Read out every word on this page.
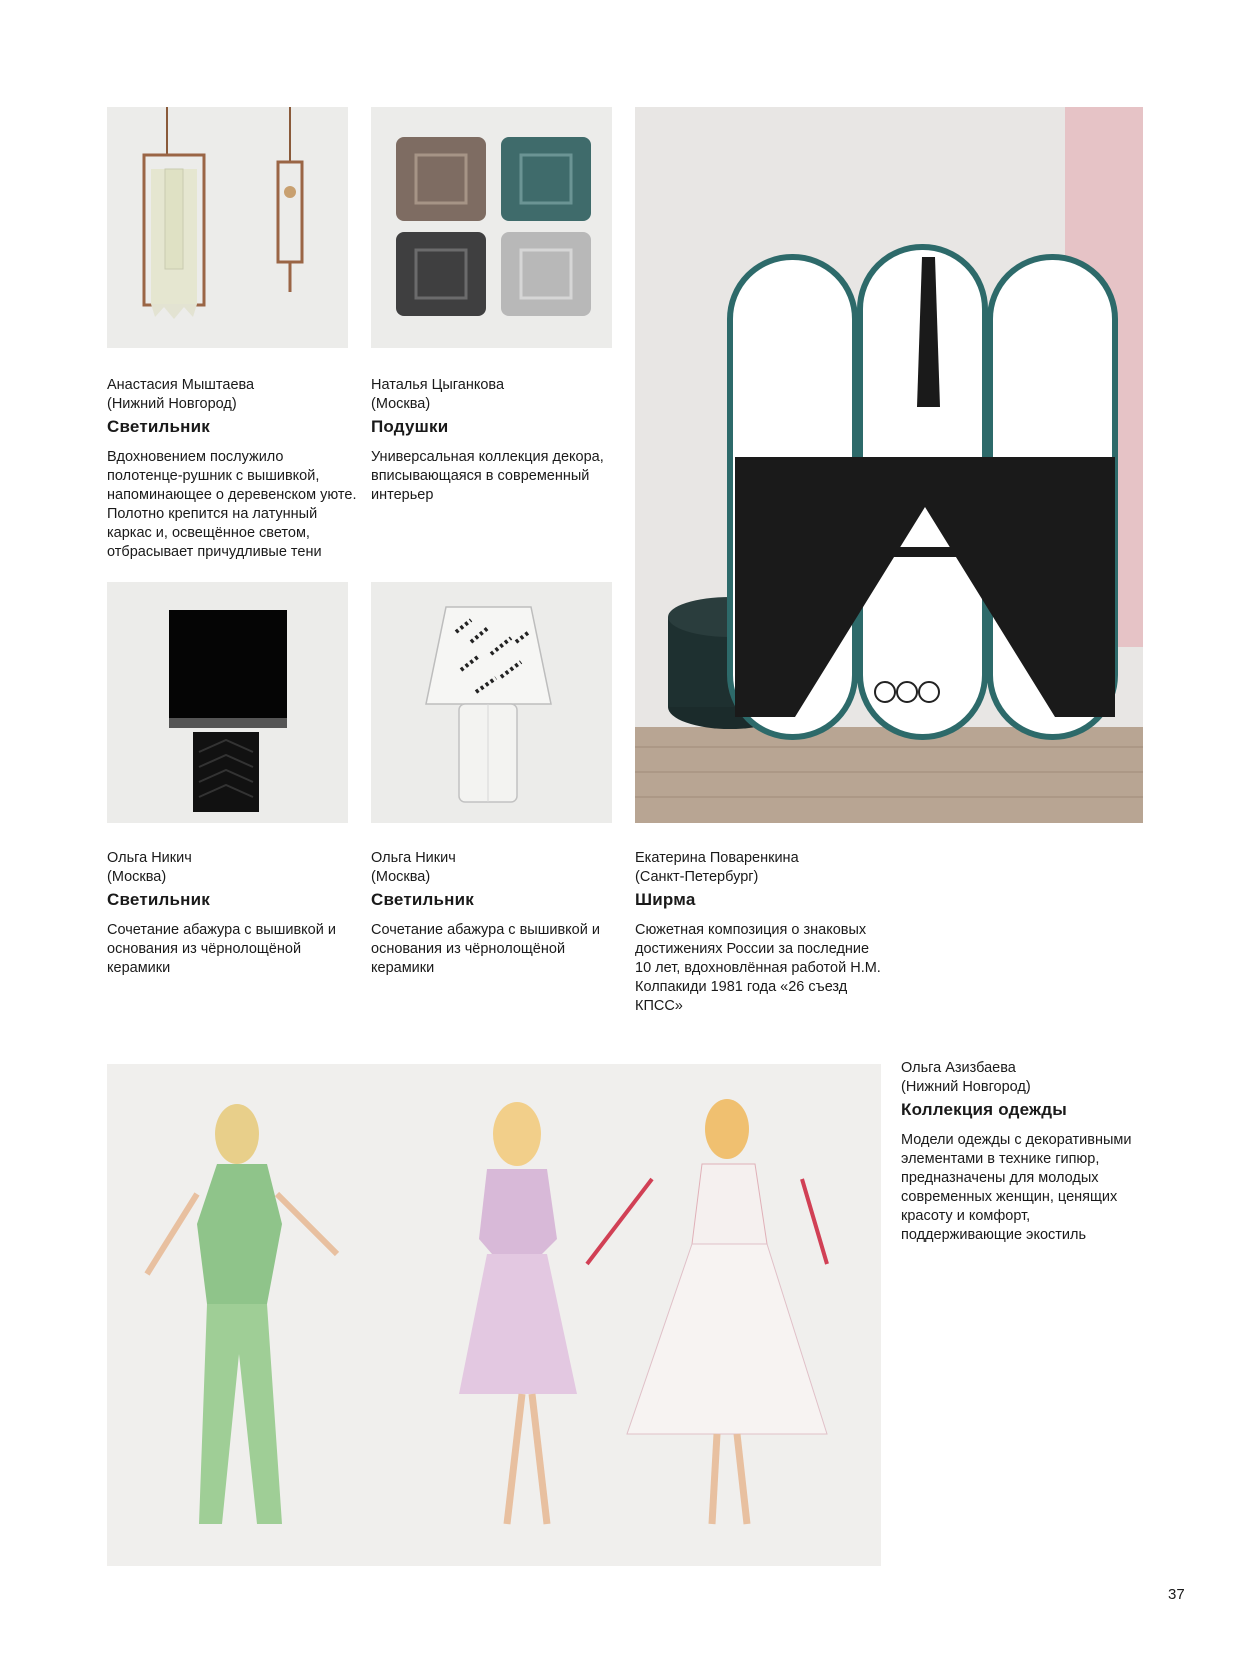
Анастасия Мыштаева
(Нижний Новгород)
Светильник
Вдохновением послужило полотенце-рушник с вышивкой, напоминающее о деревенском уюте. Полотно крепится на латунный каркас и, освещённое светом, отбрасывает причудливые тени
Наталья Цыганкова
(Москва)
Подушки
Универсальная коллекция декора, вписывающаяся в современный интерьер
Ольга Никич
(Москва)
Светильник
Сочетание абажура с вышивкой и основания из чёрнолощёной керамики
Ольга Никич
(Москва)
Светильник
Сочетание абажура с вышивкой и основания из чёрнолощёной керамики
Екатерина Поваренкина
(Санкт-Петербург)
Ширма
Сюжетная композиция о знаковых достижениях России за последние 10 лет, вдохновлённая работой Н.М. Колпакиди 1981 года «26 съезд КПСС»
Ольга Азизбаева
(Нижний Новгород)
Коллекция одежды
Модели одежды с декоративными элементами в технике гипюр, предназначены для молодых современных женщин, ценящих красоту и комфорт, поддерживающие экостиль
37
